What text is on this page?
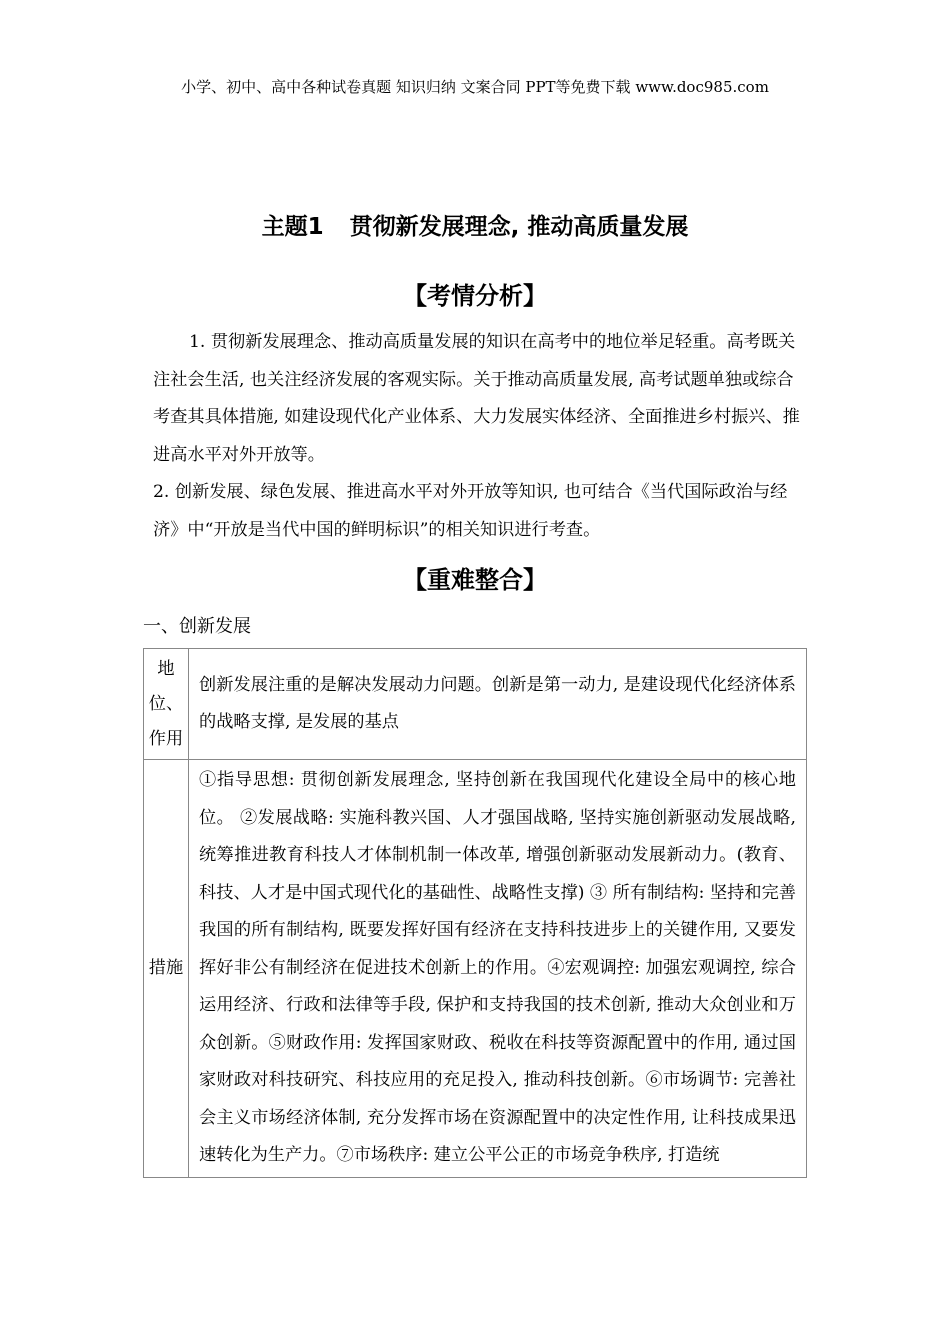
小学、初中、高中各种试卷真题 知识归纳 文案合同 PPT等免费下载 www.doc985.com
主题1 贯彻新发展理念, 推动高质量发展
【考情分析】

1. 贯彻新发展理念、推动高质量发展的知识在高考中的地位举足轻重。高考既关注社会生活, 也关注经济发展的客观实际。关于推动高质量发展, 高考试题单独或综合考查其具体措施, 如建设现代化产业体系、大力发展实体经济、全面推进乡村振兴、推进高水平对外开放等。

2. 创新发展、绿色发展、推进高水平对外开放等知识, 也可结合《当代国际政治与经济》中“开放是当代中国的鲜明标识”的相关知识进行考查。

【重难整合】
一、创新发展
地位、作用	创新发展注重的是解决发展动力问题。创新是第一动力, 是建设现代化经济体系的战略支撑, 是发展的基点
措施	①指导思想: 贯彻创新发展理念, 坚持创新在我国现代化建设全局中的核心地位。 ②发展战略: 实施科教兴国、人才强国战略, 坚持实施创新驱动发展战略, 统筹推进教育科技人才体制机制一体改革, 增强创新驱动发展新动力。(教育、科技、人才是中国式现代化的基础性、战略性支撑) ③ 所有制结构: 坚持和完善我国的所有制结构, 既要发挥好国有经济在支持科技进步上的关键作用, 又要发挥好非公有制经济在促进技术创新上的作用。④宏观调控: 加强宏观调控, 综合运用经济、行政和法律等手段, 保护和支持我国的技术创新, 推动大众创业和万众创新。⑤财政作用: 发挥国家财政、税收在科技等资源配置中的作用, 通过国家财政对科技研究、科技应用的充足投入, 推动科技创新。⑥市场调节: 完善社会主义市场经济体制, 充分发挥市场在资源配置中的决定性作用, 让科技成果迅速转化为生产力。⑦市场秩序: 建立公平公正的市场竞争秩序, 打造统
